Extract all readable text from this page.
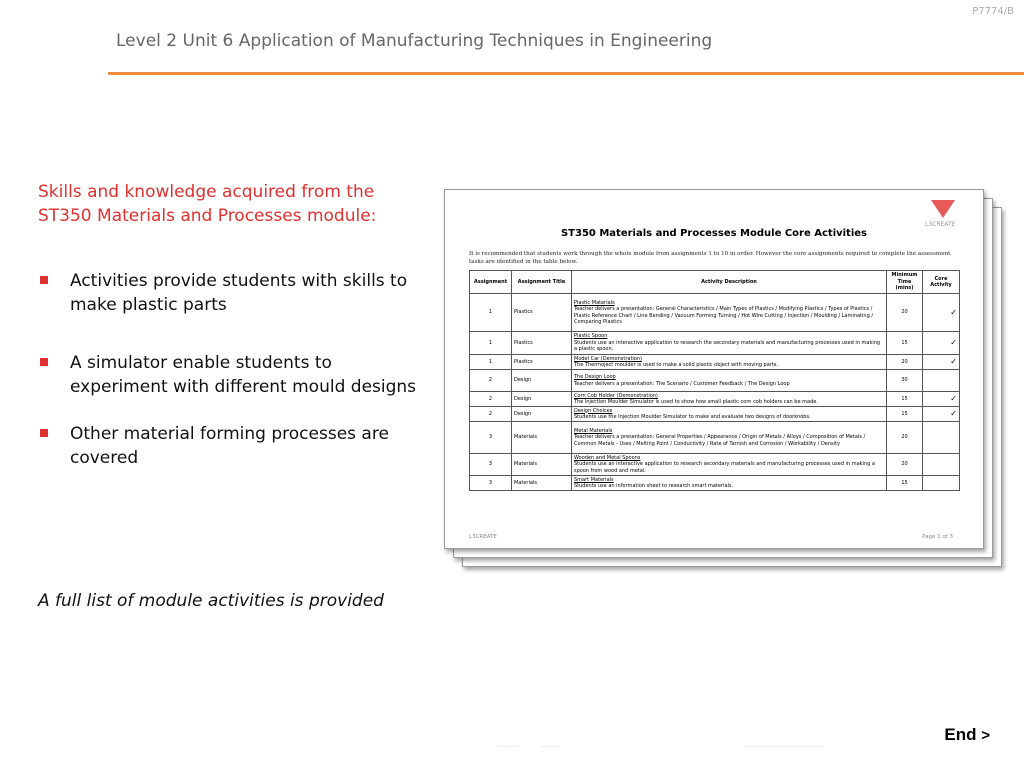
P7774/B
Level 2 Unit 6 Application of Manufacturing Techniques in Engineering

Skills and knowledge acquired from the ST350 Materials and Processes module:

Activities provide students with skills to make plastic parts
A simulator enable students to experiment with different mould designs
Other material forming processes are covered

A full list of module activities is provided

L3CREATE
ST350 Materials and Processes Module Core Activities
It is recommended that students work through the whole module from assignments 1 to 10 in order. However the core assignments required to complete the assessment tasks are identified in the table below.
Assignment	Assignment Title	Activity Description	Minimum Time (mins)	Core Activity
1	Plastics	Plastic Materials
Teacher delivers a presentation: General Characteristics / Main Types of Plastics / Modifying Plastics / Types of Plastics / Plastic Reference Chart / Line Bending / Vacuum Forming Turning / Hot Wire Cutting / Injection / Moulding / Laminating / Comparing Plastics	20	✓

1	Plastics	Plastic Spoon
Students use an interactive application to research the secondary materials and manufacturing processes used in making a plastic spoon.	15	✓

1	Plastics	Model Car (Demonstration)
The Thermoject moulder is used to make a solid plastic object with moving parts.	20	✓

2	Design	The Design Loop
Teacher delivers a presentation: The Scenario / Customer Feedback / The Design Loop	30	

2	Design	Corn Cob Holder (Demonstration)
The Injection Moulder Simulator is used to show how small plastic corn cob holders can be made.	15	✓

2	Design	Design Choices
Students use the Injection Moulder Simulator to make and evaluate two designs of doorknobs.	15	✓

3	Materials	Metal Materials
Teacher delivers a presentation: General Properties / Appearance / Origin of Metals / Alloys / Composition of Metals / Common Metals - Uses / Melting Point / Conductivity / Rate of Tarnish and Corrosion / Workability / Density	20	

3	Materials	Wooden and Metal Spoons
Students use an interactive application to research secondary materials and manufacturing processes used in making a spoon from wood and metal.	20	

3	Materials	Smart Materials
Students use an information sheet to research smart materials.	15	
L3CREATE	Page 1 of 3
End >
